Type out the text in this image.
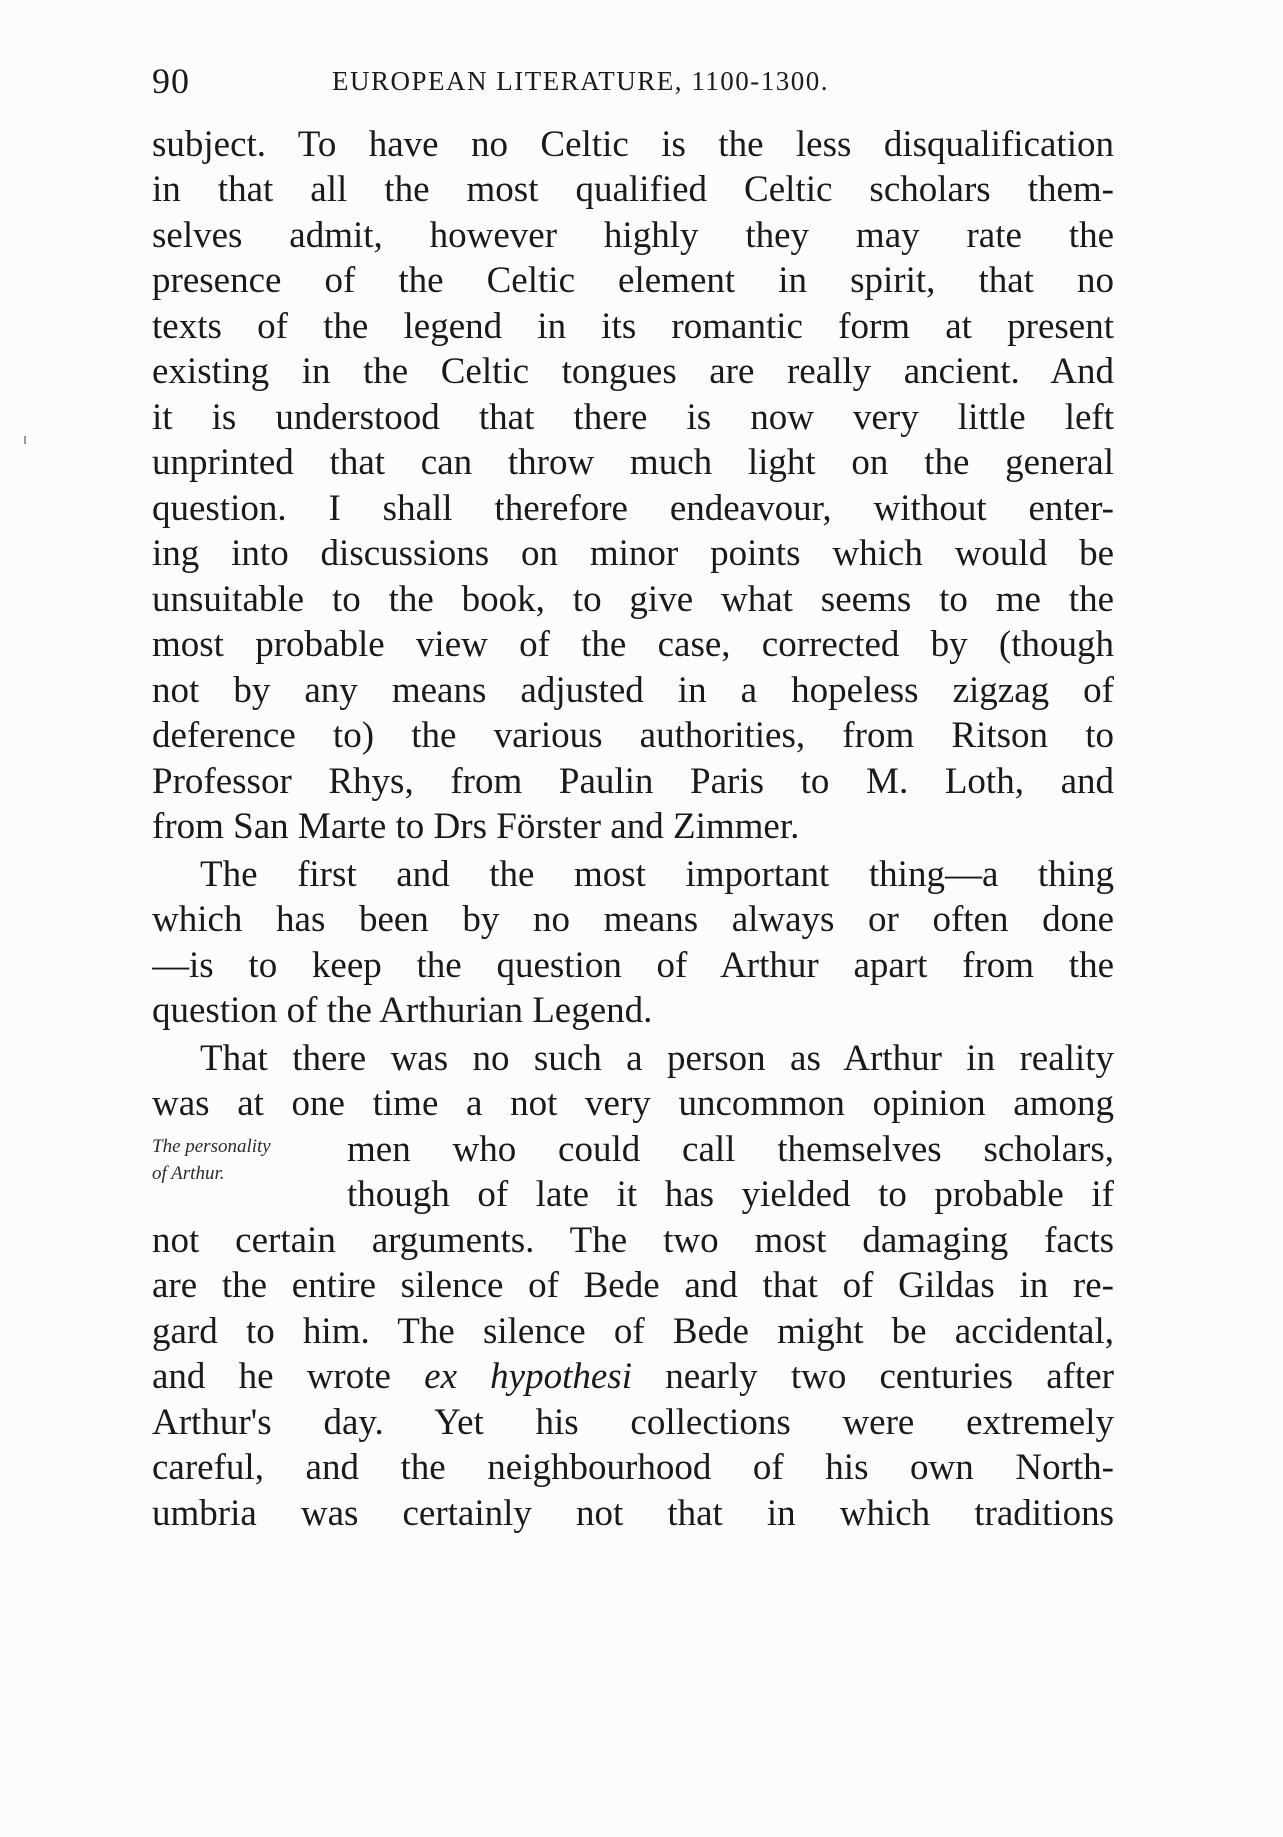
90	EUROPEAN LITERATURE, 1100-1300.
subject. To have no Celtic is the less disqualification
in that all the most qualified Celtic scholars them-
selves admit, however highly they may rate the
presence of the Celtic element in spirit, that no
texts of the legend in its romantic form at present
existing in the Celtic tongues are really ancient. And
it is understood that there is now very little left
unprinted that can throw much light on the general
question. I shall therefore endeavour, without enter-
ing into discussions on minor points which would be
unsuitable to the book, to give what seems to me the
most probable view of the case, corrected by (though
not by any means adjusted in a hopeless zigzag of
deference to) the various authorities, from Ritson to
Professor Rhys, from Paulin Paris to M. Loth, and
from San Marte to Drs Förster and Zimmer.
The first and the most important thing—a thing
which has been by no means always or often done
—is to keep the question of Arthur apart from the
question of the Arthurian Legend.
That there was no such a person as Arthur in reality
was at one time a not very uncommon opinion among
The personality
of Arthur.
men who could call themselves scholars,
though of late it has yielded to probable if
not certain arguments. The two most damaging facts
are the entire silence of Bede and that of Gildas in re-
gard to him. The silence of Bede might be accidental,
and he wrote ex hypothesi nearly two centuries after
Arthur's day. Yet his collections were extremely
careful, and the neighbourhood of his own North-
umbria was certainly not that in which traditions
